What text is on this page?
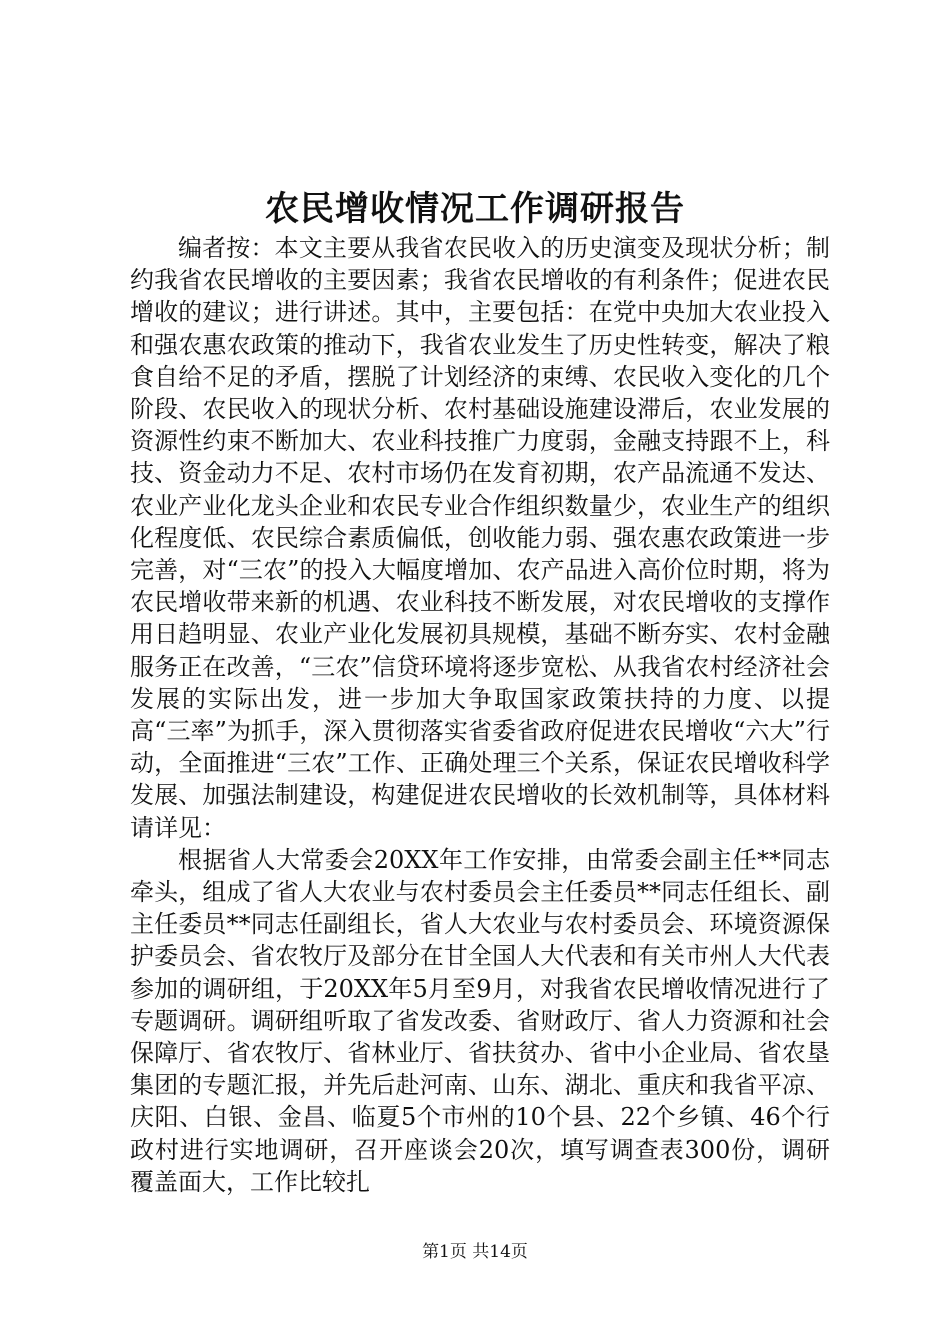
农民增收情况工作调研报告

编者按：本文主要从我省农民收入的历史演变及现状分析；制约我省农民增收的主要因素；我省农民增收的有利条件；促进农民增收的建议；进行讲述。其中，主要包括：在党中央加大农业投入和强农惠农政策的推动下，我省农业发生了历史性转变，解决了粮食自给不足的矛盾，摆脱了计划经济的束缚、农民收入变化的几个阶段、农民收入的现状分析、农村基础设施建设滞后，农业发展的资源性约束不断加大、农业科技推广力度弱，金融支持跟不上，科技、资金动力不足、农村市场仍在发育初期，农产品流通不发达、农业产业化龙头企业和农民专业合作组织数量少，农业生产的组织化程度低、农民综合素质偏低，创收能力弱、强农惠农政策进一步完善，对“三农”的投入大幅度增加、农产品进入高价位时期，将为农民增收带来新的机遇、农业科技不断发展，对农民增收的支撑作用日趋明显、农业产业化发展初具规模，基础不断夯实、农村金融服务正在改善，“三农”信贷环境将逐步宽松、从我省农村经济社会发展的实际出发，进一步加大争取国家政策扶持的力度、以提高“三率”为抓手，深入贯彻落实省委省政府促进农民增收“六大”行动，全面推进“三农”工作、正确处理三个关系，保证农民增收科学发展、加强法制建设，构建促进农民增收的长效机制等，具体材料请详见：

根据省人大常委会20XX年工作安排，由常委会副主任**同志牵头，组成了省人大农业与农村委员会主任委员**同志任组长、副主任委员**同志任副组长，省人大农业与农村委员会、环境资源保护委员会、省农牧厅及部分在甘全国人大代表和有关市州人大代表参加的调研组，于20XX年5月至9月，对我省农民增收情况进行了专题调研。调研组听取了省发改委、省财政厅、省人力资源和社会保障厅、省农牧厅、省林业厅、省扶贫办、省中小企业局、省农垦集团的专题汇报，并先后赴河南、山东、湖北、重庆和我省平凉、庆阳、白银、金昌、临夏5个市州的10个县、22个乡镇、46个行政村进行实地调研，召开座谈会20次，填写调查表300份，调研覆盖面大，工作比较扎

第1页 共14页
